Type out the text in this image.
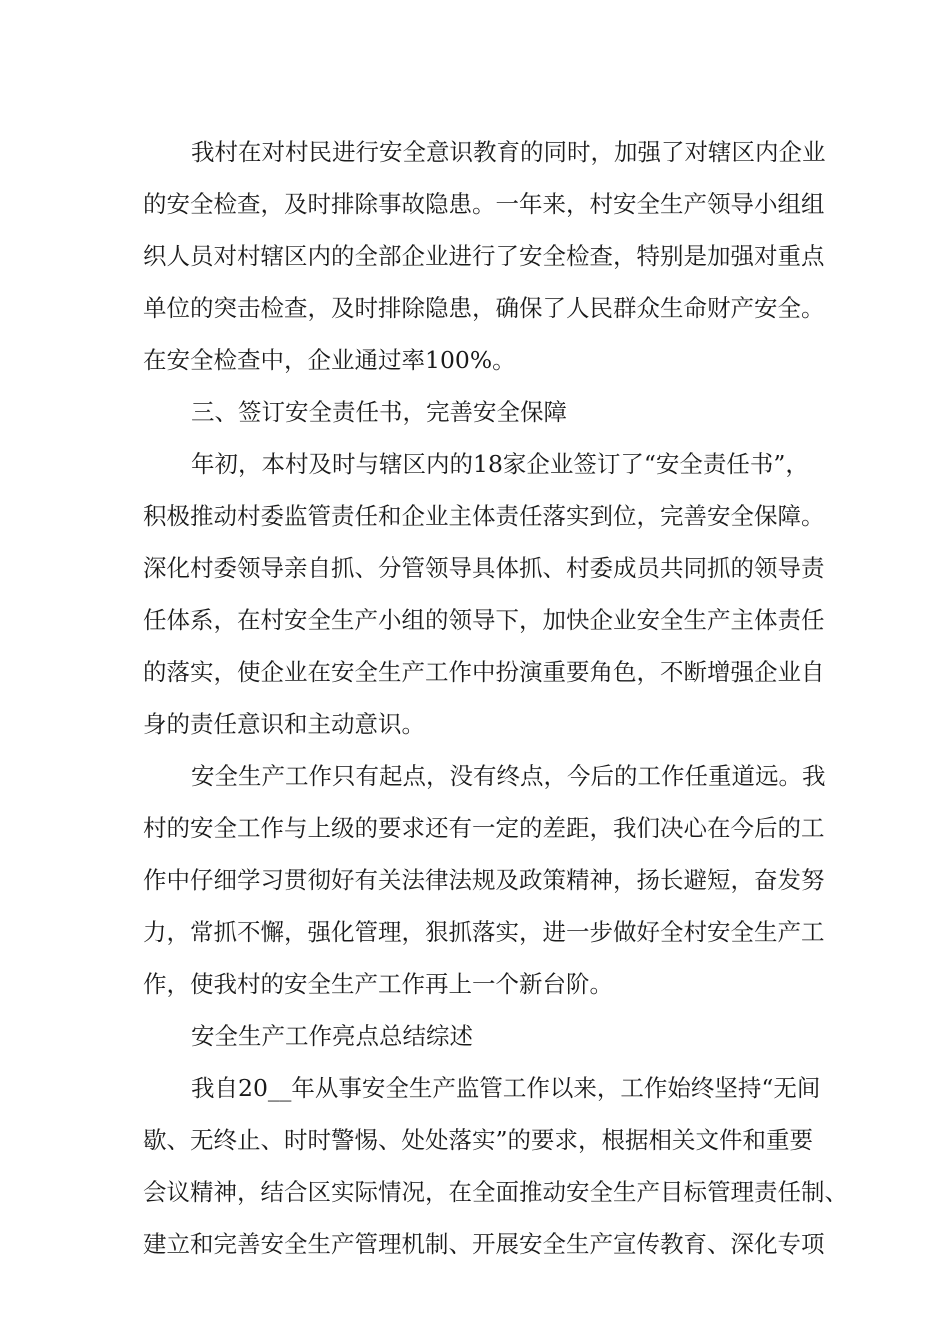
我村在对村民进行安全意识教育的同时，加强了对辖区内企业
的安全检查，及时排除事故隐患。一年来，村安全生产领导小组组
织人员对村辖区内的全部企业进行了安全检查，特别是加强对重点
单位的突击检查，及时排除隐患，确保了人民群众生命财产安全。
在安全检查中，企业通过率100%。
三、签订安全责任书，完善安全保障
年初，本村及时与辖区内的18家企业签订了“安全责任书”，
积极推动村委监管责任和企业主体责任落实到位，完善安全保障。
深化村委领导亲自抓、分管领导具体抓、村委成员共同抓的领导责
任体系，在村安全生产小组的领导下，加快企业安全生产主体责任
的落实，使企业在安全生产工作中扮演重要角色，不断增强企业自
身的责任意识和主动意识。
安全生产工作只有起点，没有终点，今后的工作任重道远。我
村的安全工作与上级的要求还有一定的差距，我们决心在今后的工
作中仔细学习贯彻好有关法律法规及政策精神，扬长避短，奋发努
力，常抓不懈，强化管理，狠抓落实，进一步做好全村安全生产工
作，使我村的安全生产工作再上一个新台阶。
安全生产工作亮点总结综述
我自20__年从事安全生产监管工作以来，工作始终坚持“无间
歇、无终止、时时警惕、处处落实”的要求，根据相关文件和重要
会议精神，结合区实际情况，在全面推动安全生产目标管理责任制、
建立和完善安全生产管理机制、开展安全生产宣传教育、深化专项
